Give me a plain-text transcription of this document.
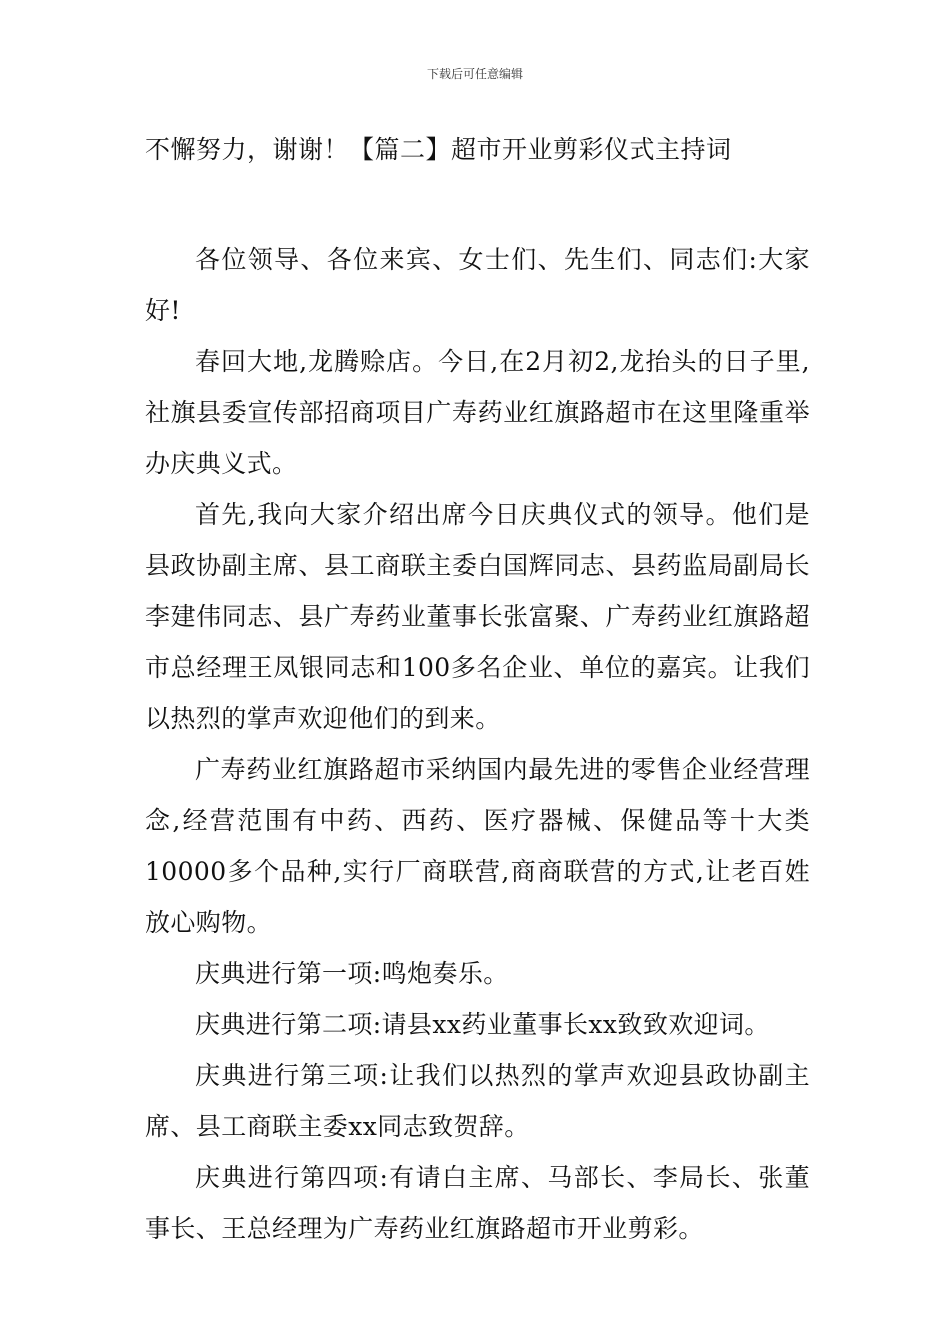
下载后可任意编辑

不懈努力，谢谢！【篇二】超市开业剪彩仪式主持词

各位领导、各位来宾、女士们、先生们、同志们:大家好!

春回大地,龙腾赊店。今日,在2月初2,龙抬头的日子里,社旗县委宣传部招商项目广寿药业红旗路超市在这里隆重举办庆典义式。

首先,我向大家介绍出席今日庆典仪式的领导。他们是县政协副主席、县工商联主委白国辉同志、县药监局副局长李建伟同志、县广寿药业董事长张富聚、广寿药业红旗路超市总经理王凤银同志和100多名企业、单位的嘉宾。让我们以热烈的掌声欢迎他们的到来。

广寿药业红旗路超市采纳国内最先进的零售企业经营理念,经营范围有中药、西药、医疗器械、保健品等十大类10000多个品种,实行厂商联营,商商联营的方式,让老百姓放心购物。

庆典进行第一项:鸣炮奏乐。

庆典进行第二项:请县xx药业董事长xx致致欢迎词。

庆典进行第三项:让我们以热烈的掌声欢迎县政协副主席、县工商联主委xx同志致贺辞。

庆典进行第四项:有请白主席、马部长、李局长、张董事长、王总经理为广寿药业红旗路超市开业剪彩。
